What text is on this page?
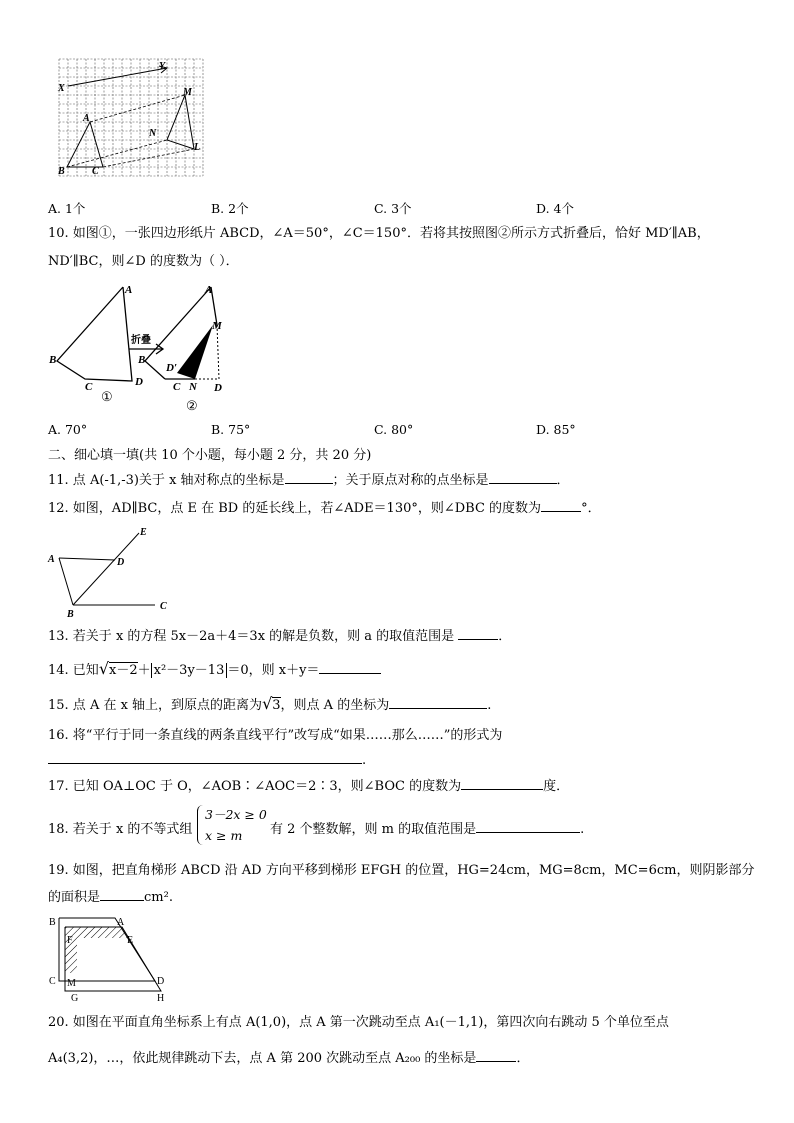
X
Y
M
N
L
A
B	C
A. 1个	B. 2个	C. 3个	D. 4个
10. 如图①，一张四边形纸片 ABCD，∠A＝50°，∠C＝150°．若将其按照图②所示方式折叠后，恰好 MD′∥AB，
ND′∥BC，则∠D 的度数为（ ）．
A
B
C	D
A
B
C N D
M
D′
折叠
①
②
A. 70°	B. 75°	C. 80°	D. 85°
二、细心填一填(共 10 个小题，每小题 2 分，共 20 分)
11. 点 A(-1,-3)关于 x 轴对称点的坐标是	；关于原点对称的点坐标是	．
12. 如图，AD∥BC，点 E 在 BD 的延长线上，若∠ADE＝130°，则∠DBC 的度数为	°．
A	D
E
B
C
13. 若关于 x 的方程 5x－2a＋4＝3x 的解是负数，则 a 的取值范围是	．
14. 已知√x－2＋ x²－3y－13 ＝0，则 x＋y＝
15. 点 A 在 x 轴上，到原点的距离为√3，则点 A 的坐标为	.
16. 将“平行于同一条直线的两条直线平行”改写成“如果……那么……”的形式为
.
17. 已知 OA⊥OC 于 O，∠AOB∶∠AOC＝2∶3，则∠BOC 的度数为	度．
18. 若关于 x 的不等式组
3－2x ≥ 0
x ≥ m 有 2 个整数解，则 m 的取值范围是	.
19. 如图，把直角梯形 ABCD 沿 AD 方向平移到梯形 EFGH 的位置，HG=24cm，MG=8cm，MC=6cm，则阴影部分
的面积是	cm².
B	A
E
F
C M	D
G	H
20. 如图在平面直角坐标系上有点 A(1,0)，点 A 第一次跳动至点 A₁(－1,1)，第四次向右跳动 5 个单位至点
A₄(3,2)，…，依此规律跳动下去，点 A 第 200 次跳动至点 A₂₀₀ 的坐标是	．
